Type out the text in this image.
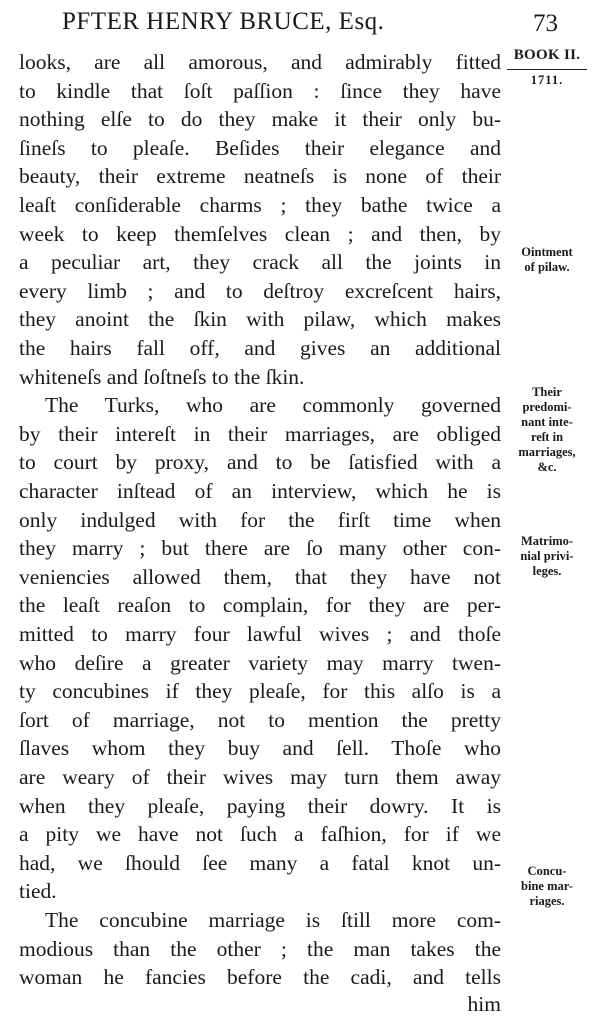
PFTER HENRY BRUCE, Esq.	73
looks, are all amorous, and admirably fitted
to kindle that ſoſt paſſion : ſince they have
nothing elſe to do they make it their only bu-
ſineſs to pleaſe. Beſides their elegance and
beauty, their extreme neatneſs is none of their
leaſt conſiderable charms ; they bathe twice a
week to keep themſelves clean ; and then, by
a peculiar art, they crack all the joints in
every limb ; and to deſtroy excreſcent hairs,
they anoint the ſkin with pilaw, which makes
the hairs fall off, and gives an additional
whiteneſs and ſoſtneſs to the ſkin.
The Turks, who are commonly governed
by their intereſt in their marriages, are obliged
to court by proxy, and to be ſatisfied with a
character inſtead of an interview, which he is
only indulged with for the firſt time when
they marry ; but there are ſo many other con-
veniencies allowed them, that they have not
the leaſt reaſon to complain, for they are per-
mitted to marry four lawful wives ; and thoſe
who deſire a greater variety may marry twen-
ty concubines if they pleaſe, for this alſo is a
ſort of marriage, not to mention the pretty
ſlaves whom they buy and ſell. Thoſe who
are weary of their wives may turn them away
when they pleaſe, paying their dowry. It is
a pity we have not ſuch a faſhion, for if we
had, we ſhould ſee many a fatal knot un-
tied.
The concubine marriage is ſtill more com-
modious than the other ; the man takes the
woman he fancies before the cadi, and tells
him
BOOK II.
1711.
Ointment
of pilaw.
Their
predomi-
nant inte-
reſt in
marriages,
&c.
Matrimo-
nial privi-
leges.
Concu-
bine mar-
riages.
